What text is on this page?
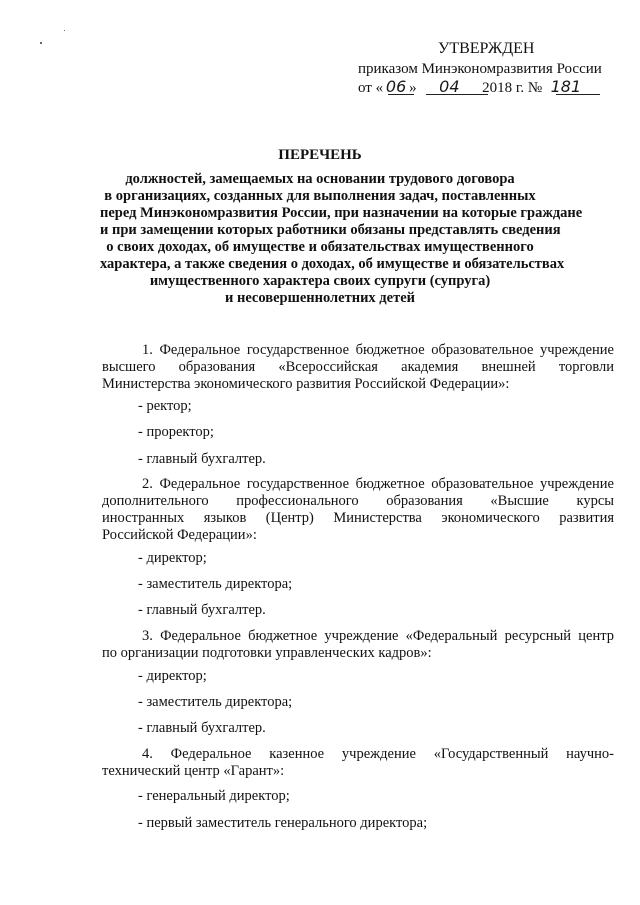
УТВЕРЖДЕН
приказом Минэкономразвития России
от « 06 » 04 2018 г. № 181
ПЕРЕЧЕНЬ
должностей, замещаемых на основании трудового договора
в организациях, созданных для выполнения задач, поставленных
перед Минэкономразвития России, при назначении на которые граждане
и при замещении которых работники обязаны представлять сведения
о своих доходах, об имуществе и обязательствах имущественного
характера, а также сведения о доходах, об имуществе и обязательствах
имущественного характера своих супруги (супруга)
и несовершеннолетних детей
1. Федеральное государственное бюджетное образовательное учреждение
высшего образования «Всероссийская академия внешней торговли
Министерства экономического развития Российской Федерации»:
- ректор;
- проректор;
- главный бухгалтер.
2. Федеральное государственное бюджетное образовательное учреждение
дополнительного профессионального образования «Высшие курсы
иностранных языков (Центр) Министерства экономического развития
Российской Федерации»:
- директор;
- заместитель директора;
- главный бухгалтер.
3. Федеральное бюджетное учреждение «Федеральный ресурсный центр
по организации подготовки управленческих кадров»:
- директор;
- заместитель директора;
- главный бухгалтер.
4. Федеральное казенное учреждение «Государственный научно-
технический центр «Гарант»:
- генеральный директор;
- первый заместитель генерального директора;
